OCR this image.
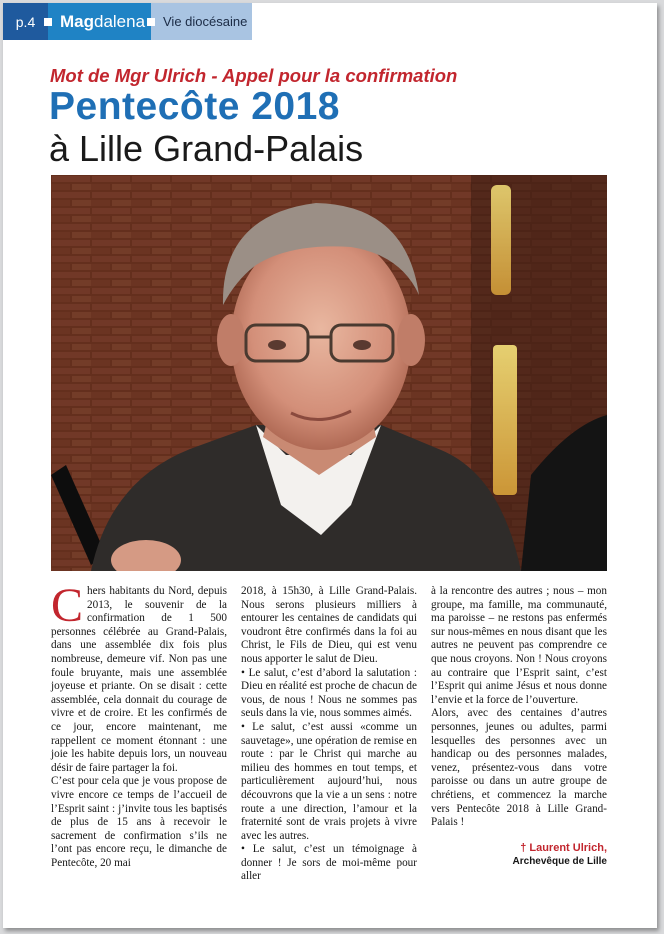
p.4	Mag dalena	Vie diocésaine

Mot de Mgr Ulrich - Appel pour la confirmation

Pentecôte 2018
à Lille Grand-Palais

Chers habitants du Nord, depuis 2013, le souvenir de la confirmation de 1 500 personnes célébrée au Grand-Palais, dans une assemblée dix fois plus nombreuse, demeure vif. Non pas une foule bruyante, mais une assemblée joyeuse et priante. On se disait : cette assemblée, cela donnait du courage de vivre et de croire. Et les confirmés de ce jour, encore maintenant, me rappellent ce moment étonnant : une joie les habite depuis lors, un nouveau désir de faire partager la foi.

C’est pour cela que je vous propose de vivre encore ce temps de l’accueil de l’Esprit saint : j’invite tous les baptisés de plus de 15 ans à recevoir le sacrement de confirmation s’ils ne l’ont pas encore reçu, le dimanche de Pentecôte, 20 mai

2018, à 15h30, à Lille Grand-Palais. Nous serons plusieurs milliers à entourer les centaines de candidats qui voudront être confirmés dans la foi au Christ, le Fils de Dieu, qui est venu nous apporter le salut de Dieu.

• Le salut, c’est d’abord la salutation : Dieu en réalité est proche de chacun de vous, de nous ! Nous ne sommes pas seuls dans la vie, nous sommes aimés.

• Le salut, c’est aussi «comme un sauvetage», une opération de remise en route : par le Christ qui marche au milieu des hommes en tout temps, et particulièrement aujourd’hui, nous découvrons que la vie a un sens : notre route a une direction, l’amour et la fraternité sont de vrais projets à vivre avec les autres.

• Le salut, c’est un témoignage à donner ! Je sors de moi-même pour aller

à la rencontre des autres ; nous – mon groupe, ma famille, ma communauté, ma paroisse – ne restons pas enfermés sur nous-mêmes en nous disant que les autres ne peuvent pas comprendre ce que nous croyons. Non ! Nous croyons au contraire que l’Esprit saint, c’est l’Esprit qui anime Jésus et nous donne l’envie et la force de l’ouverture.

Alors, avec des centaines d’autres personnes, jeunes ou adultes, parmi lesquelles des personnes avec un handicap ou des personnes malades, venez, présentez-vous dans votre paroisse ou dans un autre groupe de chrétiens, et commencez la marche vers Pentecôte 2018 à Lille Grand-Palais !

† Laurent Ulrich,
Archevêque de Lille
